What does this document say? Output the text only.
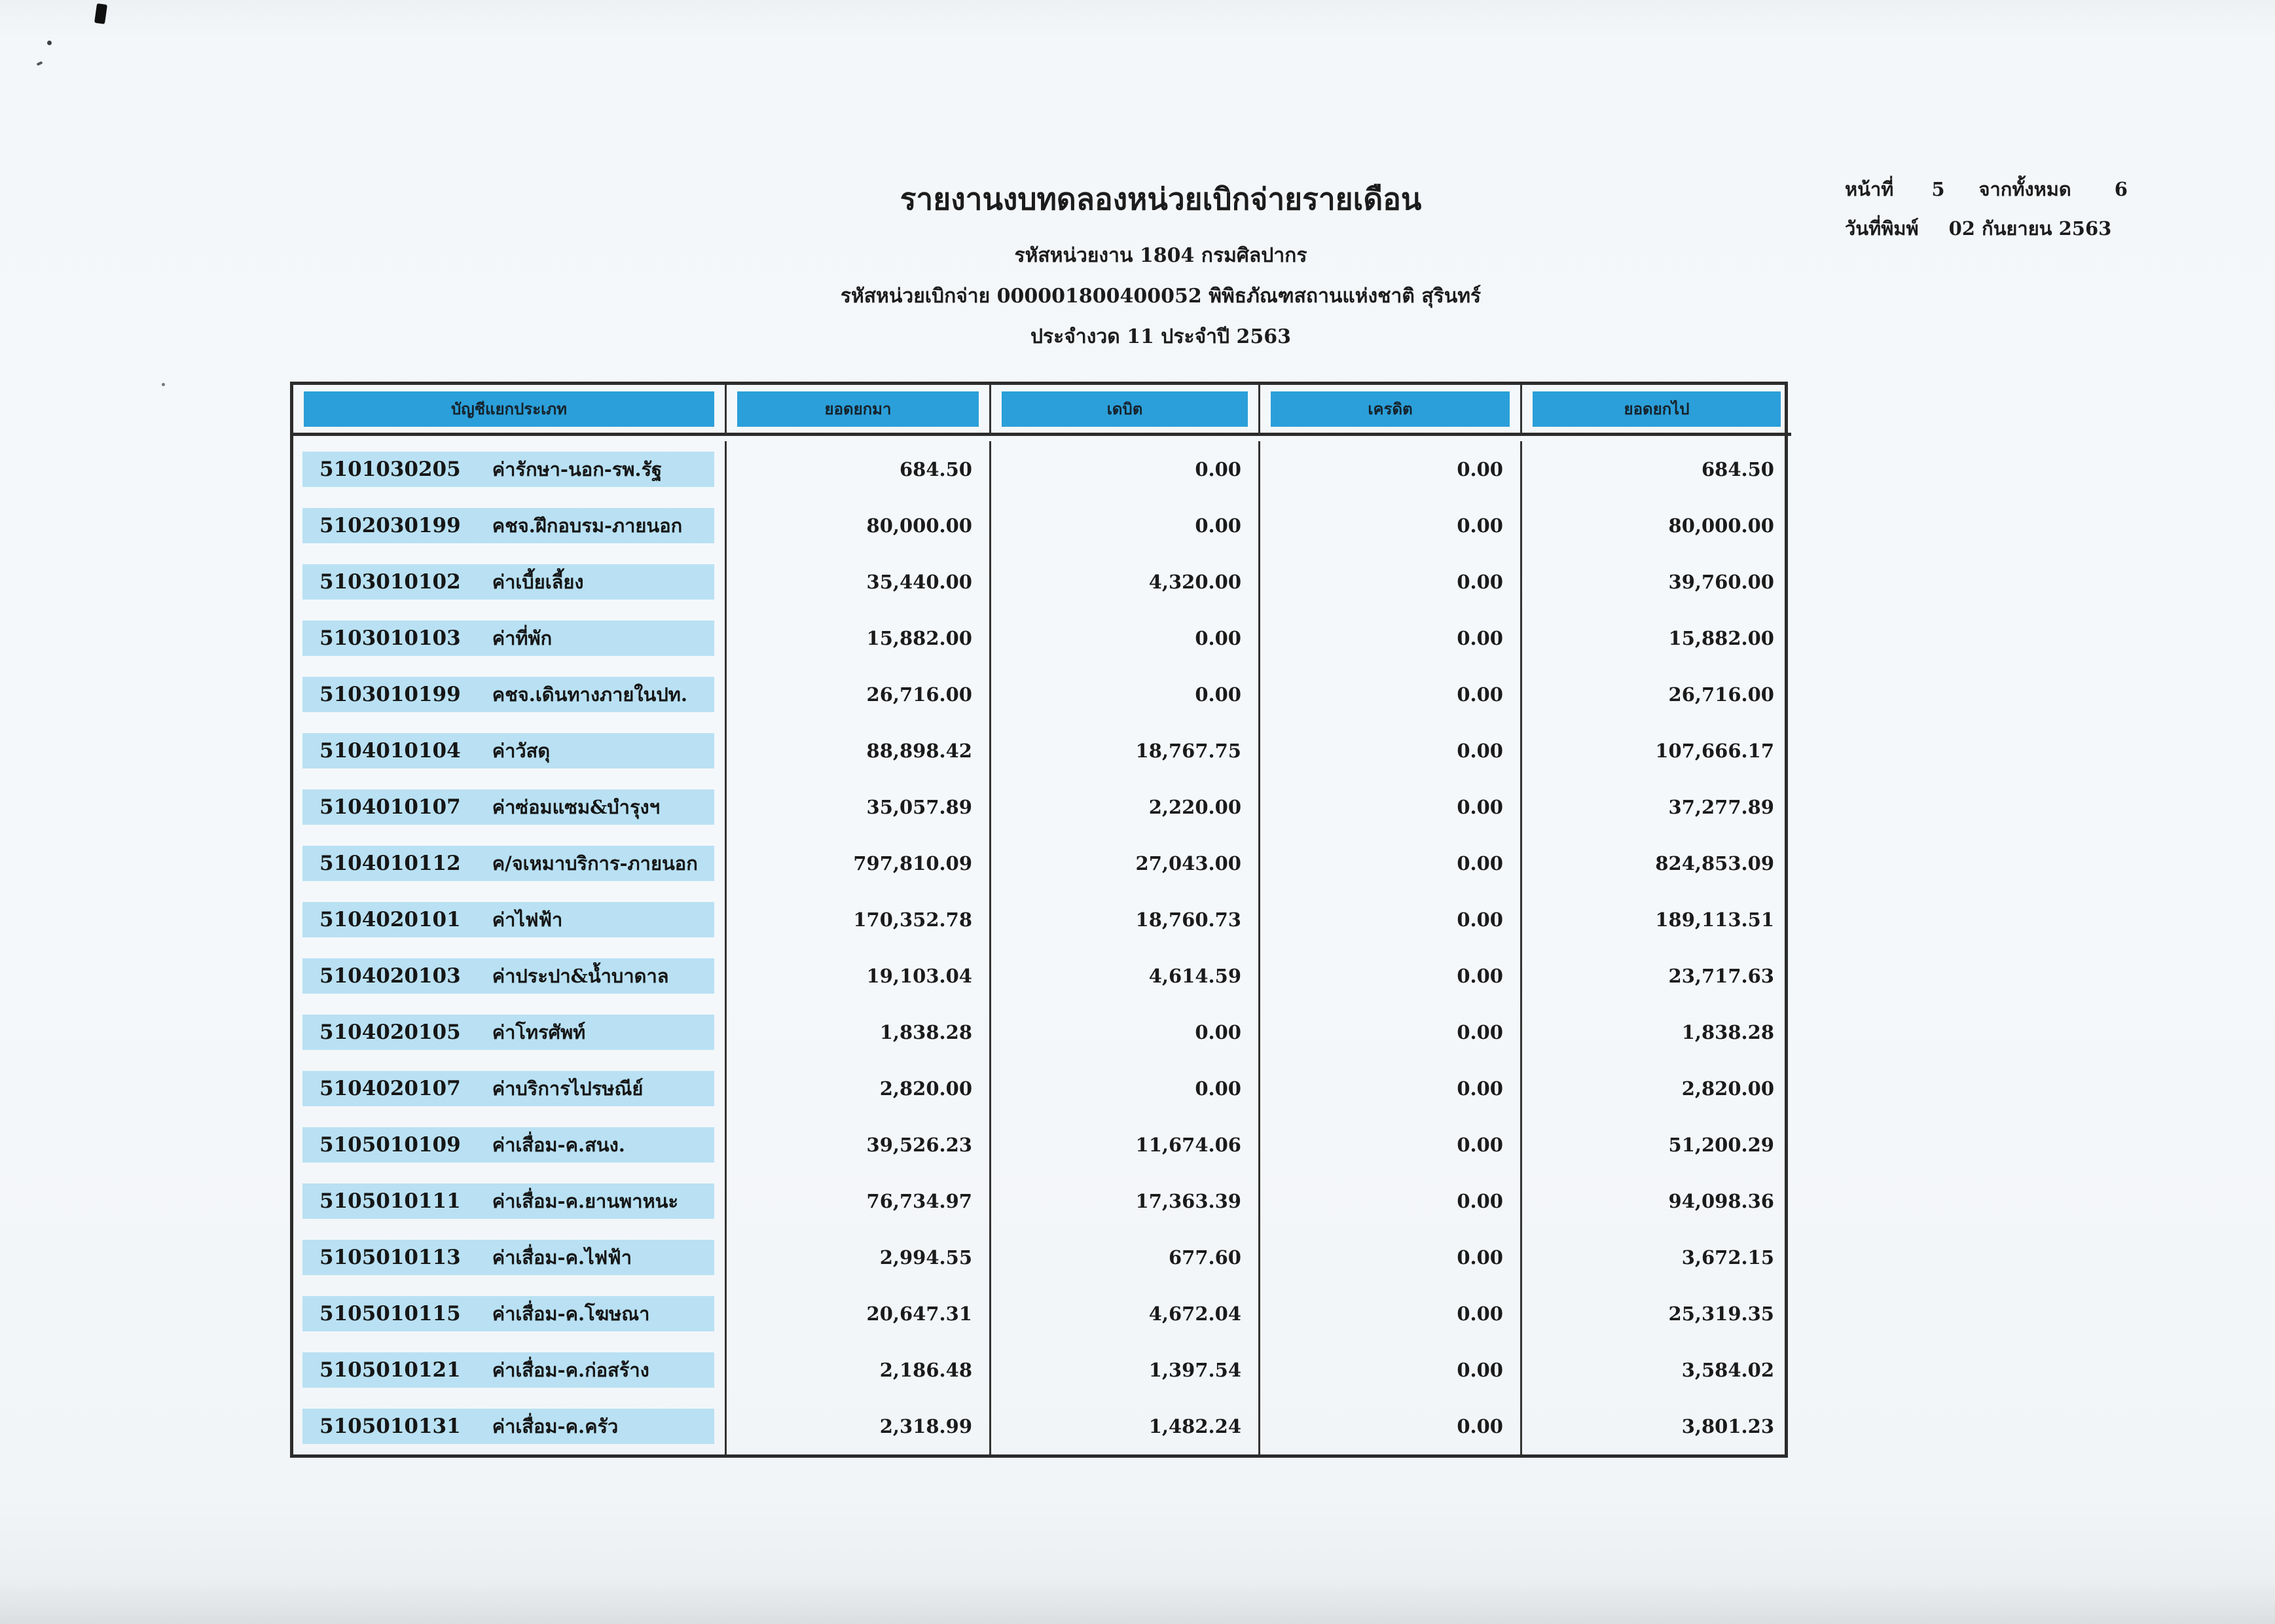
รายงานงบทดลองหน่วยเบิกจ่ายรายเดือน
รหัสหน่วยงาน 1804 กรมศิลปากร
รหัสหน่วยเบิกจ่าย 000001800400052 พิพิธภัณฑสถานแห่งชาติ สุรินทร์
ประจำงวด 11 ประจำปี 2563
หน้าที่ 5 จากทั้งหมด 6
วันที่พิมพ์ 02 กันยายน 2563
บัญชีแยกประเภท	ยอดยกมา	เดบิต	เครดิต	ยอดยกไป
5101030205 ค่ารักษา-นอก-รพ.รัฐ	684.50	0.00	0.00	684.50
5102030199 คชจ.ฝึกอบรม-ภายนอก	80,000.00	0.00	0.00	80,000.00
5103010102 ค่าเบี้ยเลี้ยง	35,440.00	4,320.00	0.00	39,760.00
5103010103 ค่าที่พัก	15,882.00	0.00	0.00	15,882.00
5103010199 คชจ.เดินทางภายในปท.	26,716.00	0.00	0.00	26,716.00
5104010104 ค่าวัสดุ	88,898.42	18,767.75	0.00	107,666.17
5104010107 ค่าซ่อมแซม&บำรุงฯ	35,057.89	2,220.00	0.00	37,277.89
5104010112 ค/จเหมาบริการ-ภายนอก	797,810.09	27,043.00	0.00	824,853.09
5104020101 ค่าไฟฟ้า	170,352.78	18,760.73	0.00	189,113.51
5104020103 ค่าประปา&น้ำบาดาล	19,103.04	4,614.59	0.00	23,717.63
5104020105 ค่าโทรศัพท์	1,838.28	0.00	0.00	1,838.28
5104020107 ค่าบริการไปรษณีย์	2,820.00	0.00	0.00	2,820.00
5105010109 ค่าเสื่อม-ค.สนง.	39,526.23	11,674.06	0.00	51,200.29
5105010111 ค่าเสื่อม-ค.ยานพาหนะ	76,734.97	17,363.39	0.00	94,098.36
5105010113 ค่าเสื่อม-ค.ไฟฟ้า	2,994.55	677.60	0.00	3,672.15
5105010115 ค่าเสื่อม-ค.โฆษณา	20,647.31	4,672.04	0.00	25,319.35
5105010121 ค่าเสื่อม-ค.ก่อสร้าง	2,186.48	1,397.54	0.00	3,584.02
5105010131 ค่าเสื่อม-ค.ครัว	2,318.99	1,482.24	0.00	3,801.23
